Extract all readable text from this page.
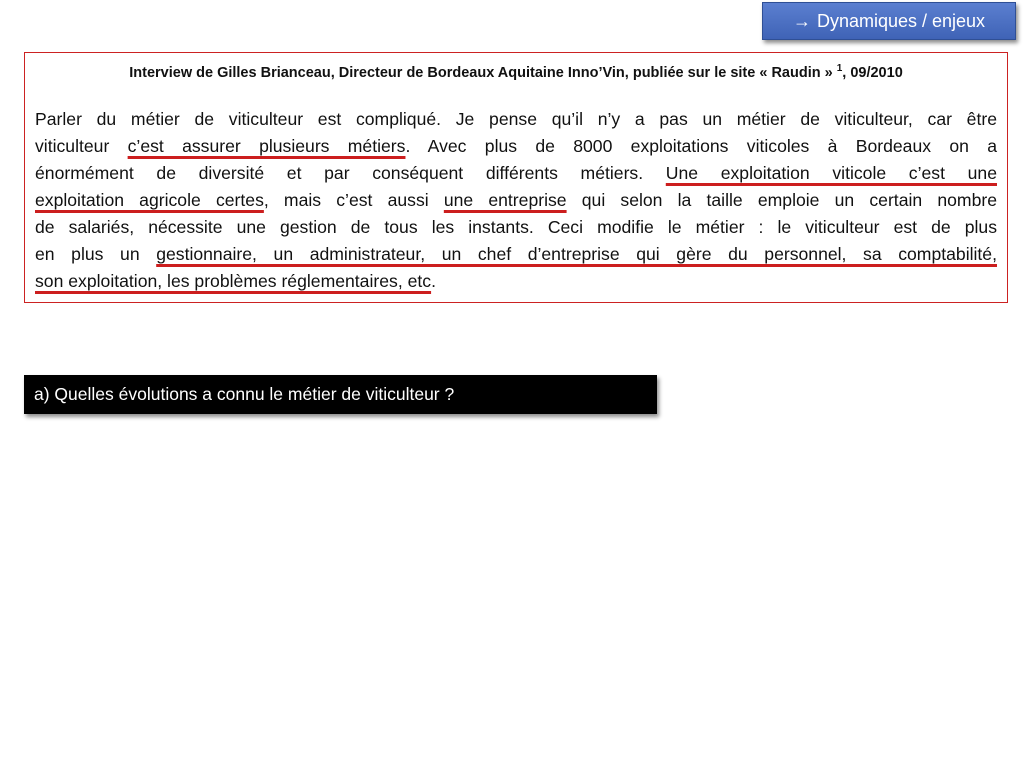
→ Dynamiques / enjeux
Interview de Gilles Brianceau, Directeur de Bordeaux Aquitaine Inno’Vin, publiée sur le site « Raudin » $^1$, 09/2010
Parler du métier de viticulteur est compliqué. Je pense qu’il n’y a pas un métier de viticulteur, car être
viticulteur c’est assurer plusieurs métiers. Avec plus de 8000 exploitations viticoles à Bordeaux on a
énormément de diversité et par conséquent différents métiers. Une exploitation viticole c’est une
exploitation agricole certes, mais c’est aussi une entreprise qui selon la taille emploie un certain nombre
de salariés, nécessite une gestion de tous les instants. Ceci modifie le métier : le viticulteur est de plus
en plus un gestionnaire, un administrateur, un chef d’entreprise qui gère du personnel, sa comptabilité,
son exploitation, les problèmes réglementaires, etc.
a) Quelles évolutions a connu le métier de viticulteur ?
